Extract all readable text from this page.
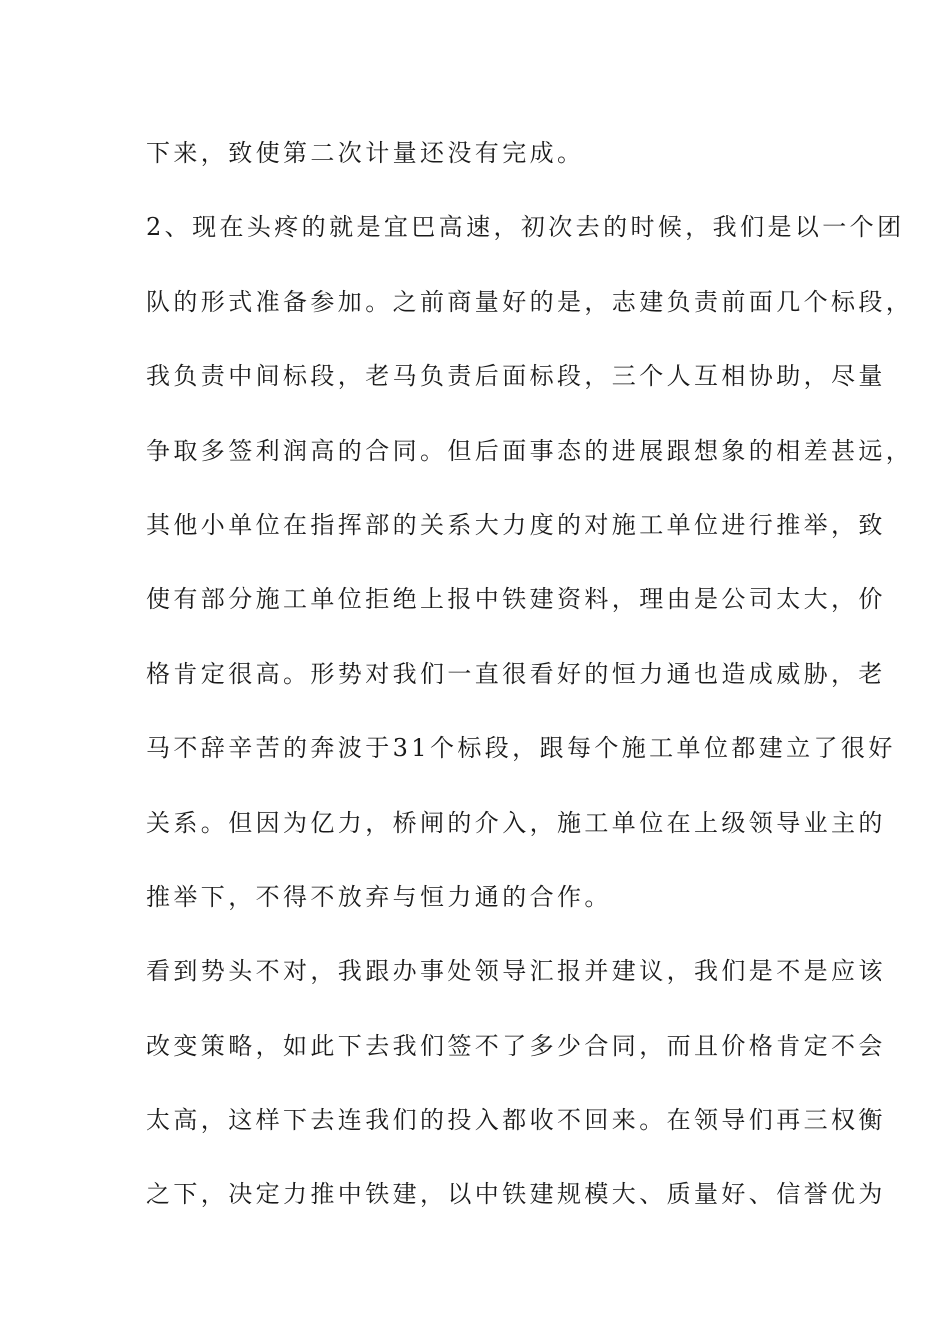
下来，致使第二次计量还没有完成。
2、现在头疼的就是宜巴高速，初次去的时候，我们是以一个团
队的形式准备参加。之前商量好的是，志建负责前面几个标段，
我负责中间标段，老马负责后面标段，三个人互相协助，尽量
争取多签利润高的合同。但后面事态的进展跟想象的相差甚远，
其他小单位在指挥部的关系大力度的对施工单位进行推举，致
使有部分施工单位拒绝上报中铁建资料，理由是公司太大，价
格肯定很高。形势对我们一直很看好的恒力通也造成威胁，老
马不辞辛苦的奔波于31个标段，跟每个施工单位都建立了很好
关系。但因为亿力，桥闸的介入，施工单位在上级领导业主的
推举下，不得不放弃与恒力通的合作。
看到势头不对，我跟办事处领导汇报并建议，我们是不是应该
改变策略，如此下去我们签不了多少合同，而且价格肯定不会
太高，这样下去连我们的投入都收不回来。在领导们再三权衡
之下，决定力推中铁建，以中铁建规模大、质量好、信誉优为
